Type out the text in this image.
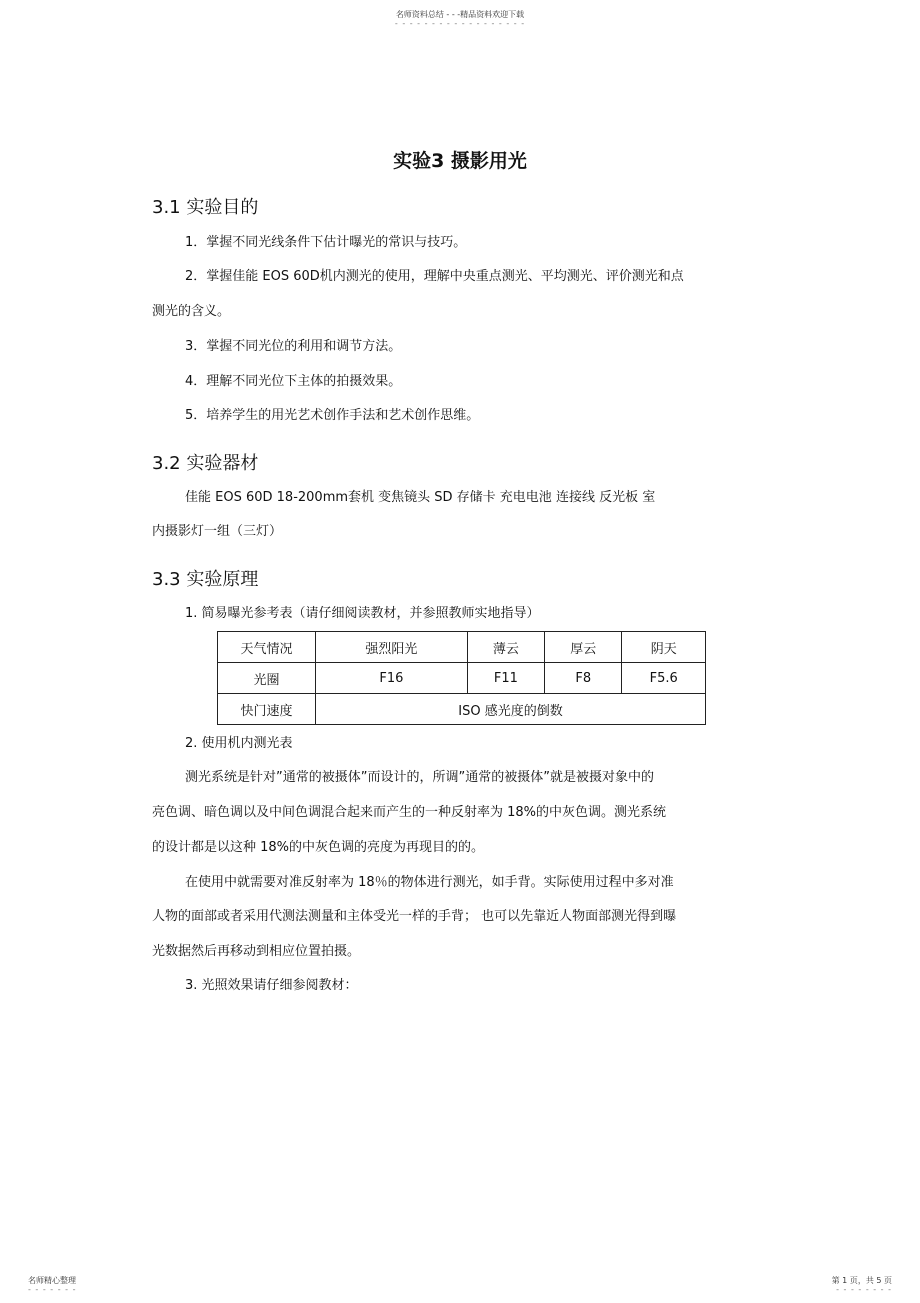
名师资料总结 - - -精品资料欢迎下载
- - - - - - - - - - - - - - - - - -
实验3 摄影用光
3.1 实验目的
1．掌握不同光线条件下估计曝光的常识与技巧。
2．掌握佳能 EOS 60D机内测光的使用，理解中央重点测光、平均测光、评价测光和点
测光的含义。
3．掌握不同光位的利用和调节方法。
4．理解不同光位下主体的拍摄效果。
5．培养学生的用光艺术创作手法和艺术创作思维。
3.2 实验器材
佳能 EOS 60D 18-200mm套机 变焦镜头 SD 存储卡 充电电池 连接线 反光板 室
内摄影灯一组（三灯）
3.3 实验原理
1. 简易曝光参考表（请仔细阅读教材，并参照教师实地指导）
天气情况	强烈阳光	薄云	厚云	阴天
光圈	F16	F11	F8	F5.6
快门速度	ISO 感光度的倒数			
2. 使用机内测光表
测光系统是针对”通常的被摄体”而设计的，所调”通常的被摄体”就是被摄对象中的
亮色调、暗色调以及中间色调混合起来而产生的一种反射率为 18%的中灰色调。测光系统
的设计都是以这种 18%的中灰色调的亮度为再现目的的。
在使用中就需要对准反射率为 18％的物体进行测光，如手背。实际使用过程中多对准
人物的面部或者采用代测法测量和主体受光一样的手背； 也可以先靠近人物面部测光得到曝
光数据然后再移动到相应位置拍摄。
3. 光照效果请仔细参阅教材：
名师精心整理
- - - - - - -
第 1 页，共 5 页
- - - - - - - -
